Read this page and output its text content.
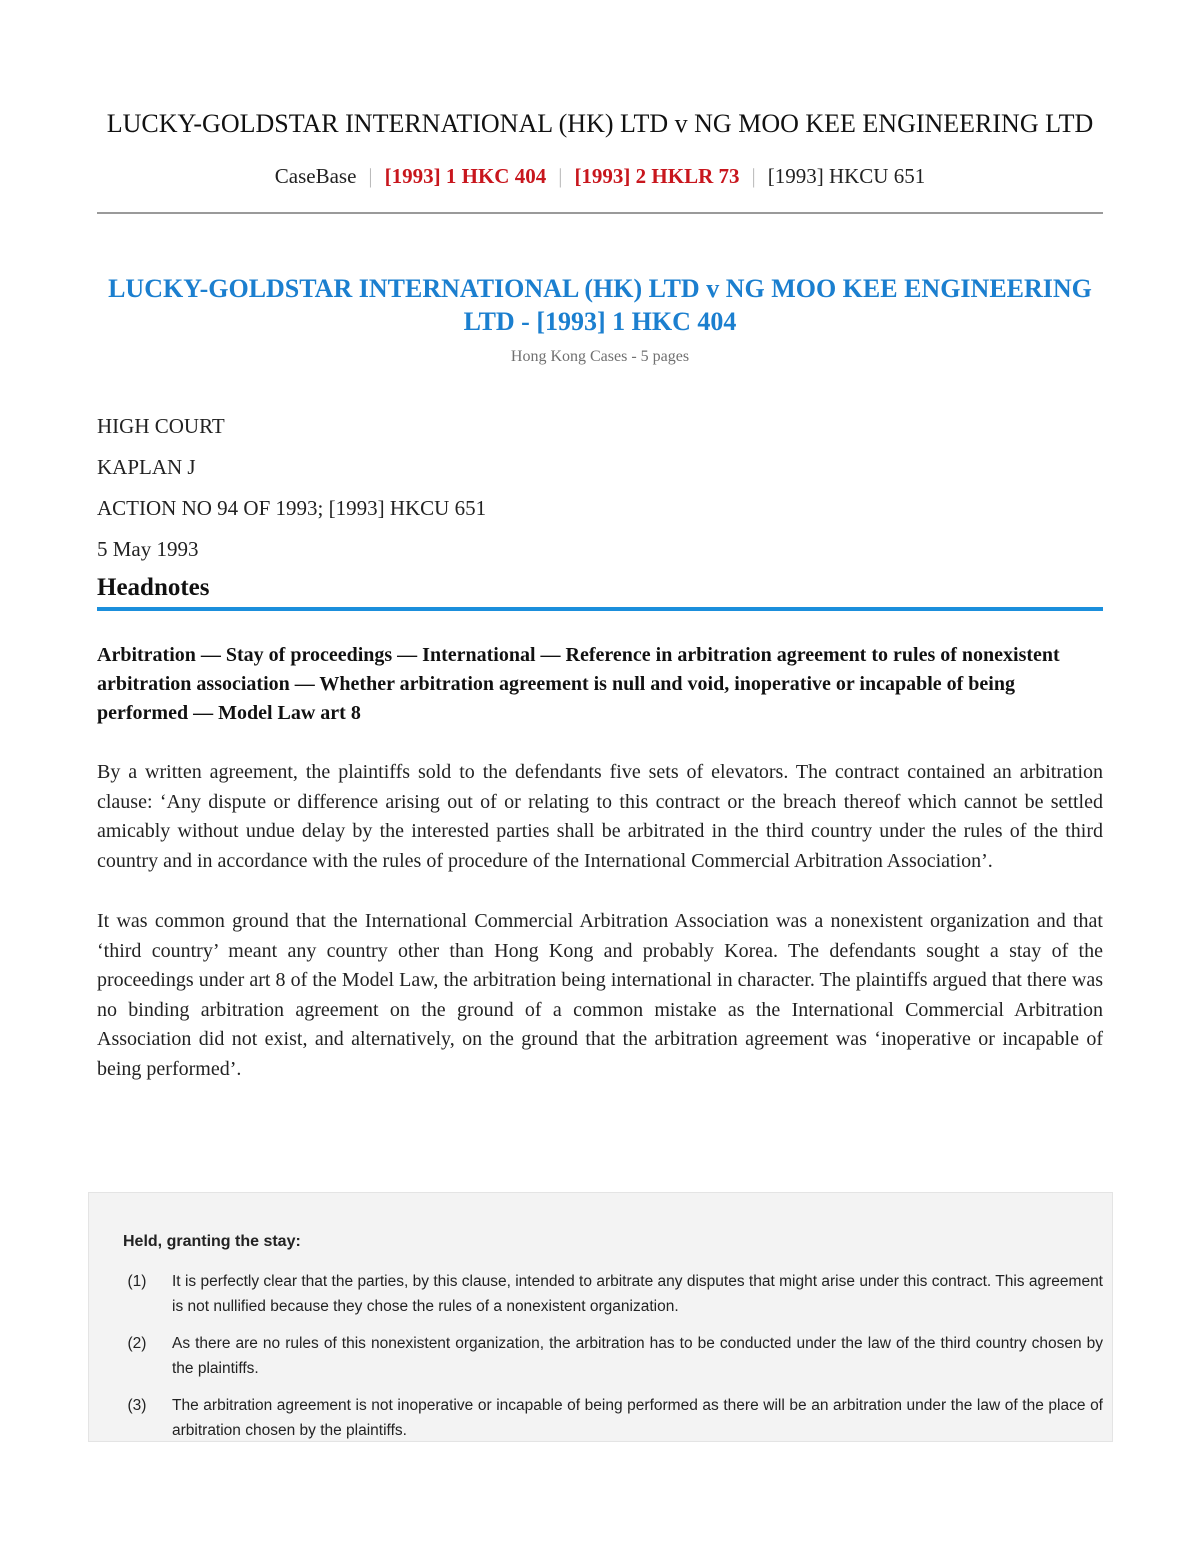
LUCKY-GOLDSTAR INTERNATIONAL (HK) LTD v NG MOO KEE ENGINEERING LTD
CaseBase | [1993] 1 HKC 404 | [1993] 2 HKLR 73 | [1993] HKCU 651
LUCKY-GOLDSTAR INTERNATIONAL (HK) LTD v NG MOO KEE ENGINEERING LTD - [1993] 1 HKC 404
Hong Kong Cases - 5 pages

HIGH COURT

KAPLAN J

ACTION NO 94 OF 1993; [1993] HKCU 651

5 May 1993

Headnotes
Arbitration — Stay of proceedings — International — Reference in arbitration agreement to rules of nonexistent arbitration association — Whether arbitration agreement is null and void, inoperative or incapable of being performed — Model Law art 8
By a written agreement, the plaintiffs sold to the defendants five sets of elevators. The contract contained an arbitration clause: ‘Any dispute or difference arising out of or relating to this contract or the breach thereof which cannot be settled amicably without undue delay by the interested parties shall be arbitrated in the third country under the rules of the third country and in accordance with the rules of procedure of the International Commercial Arbitration Association’.
It was common ground that the International Commercial Arbitration Association was a nonexistent organization and that ‘third country’ meant any country other than Hong Kong and probably Korea. The defendants sought a stay of the proceedings under art 8 of the Model Law, the arbitration being international in character. The plaintiffs argued that there was no binding arbitration agreement on the ground of a common mistake as the International Commercial Arbitration Association did not exist, and alternatively, on the ground that the arbitration agreement was ‘inoperative or incapable of being performed’.
Held, granting the stay:
(1)	It is perfectly clear that the parties, by this clause, intended to arbitrate any disputes that might arise under this contract. This agreement is not nullified because they chose the rules of a nonexistent organization.
(2)	As there are no rules of this nonexistent organization, the arbitration has to be conducted under the law of the third country chosen by the plaintiffs.
(3)	The arbitration agreement is not inoperative or incapable of being performed as there will be an arbitration under the law of the place of arbitration chosen by the plaintiffs.
